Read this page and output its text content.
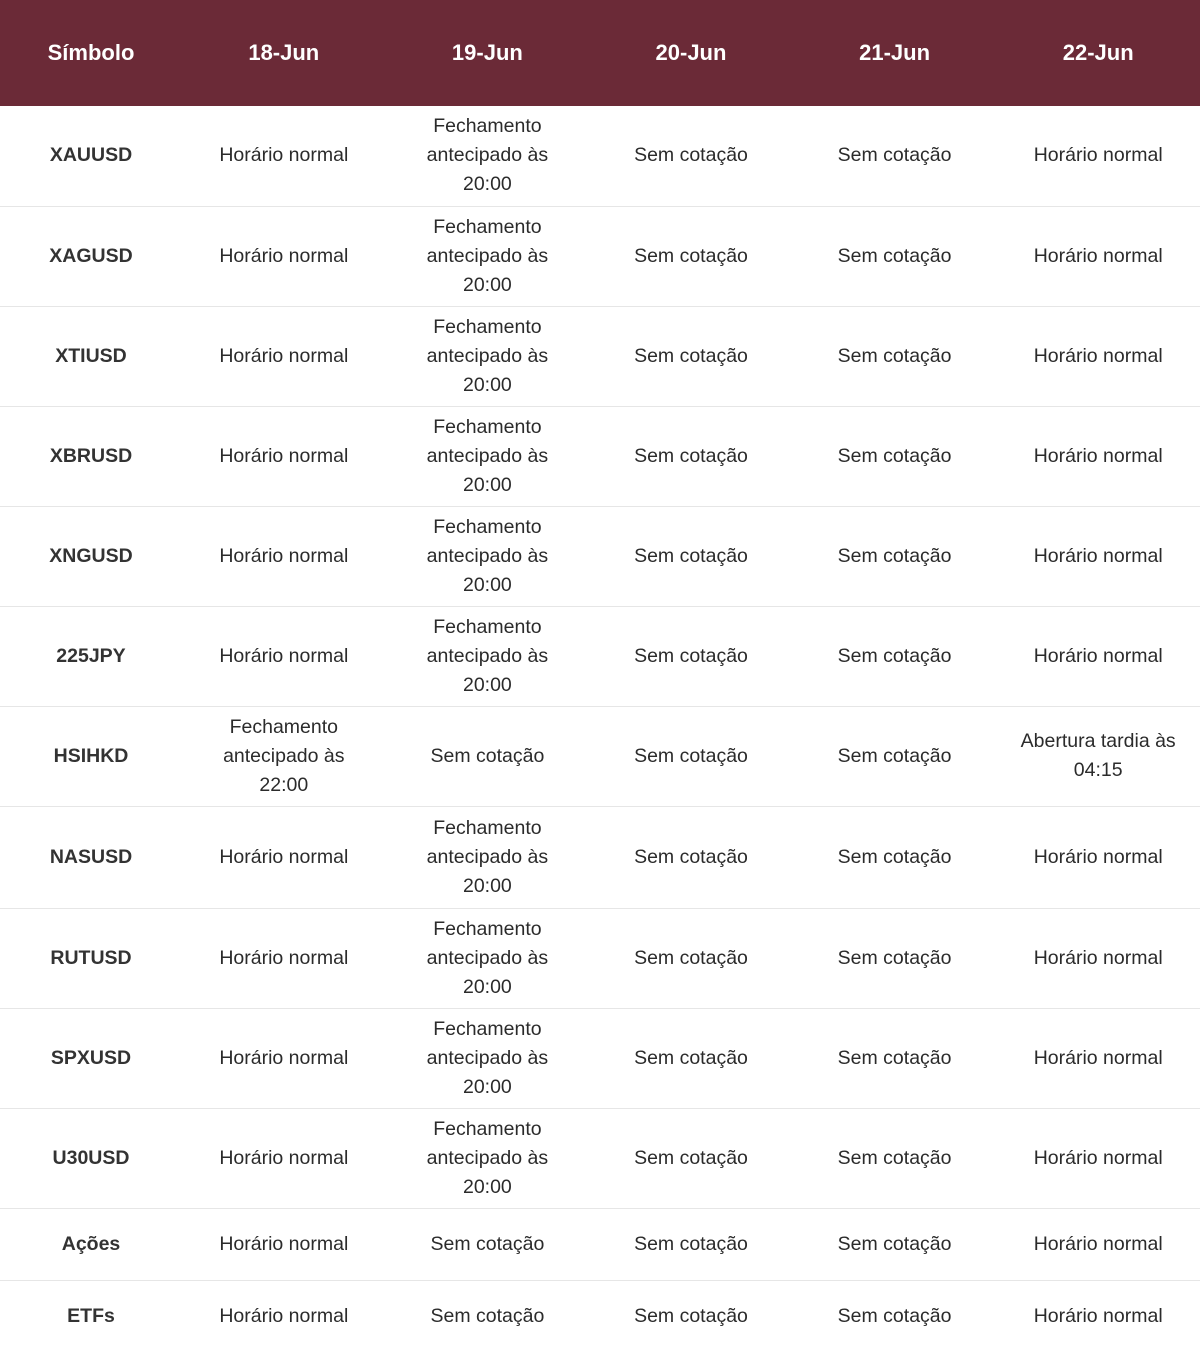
Símbolo	18-Jun	19-Jun	20-Jun	21-Jun	22-Jun
XAUUSD	Horário normal	Fechamento antecipado às 20:00	Sem cotação	Sem cotação	Horário normal
XAGUSD	Horário normal	Fechamento antecipado às 20:00	Sem cotação	Sem cotação	Horário normal
XTIUSD	Horário normal	Fechamento antecipado às 20:00	Sem cotação	Sem cotação	Horário normal
XBRUSD	Horário normal	Fechamento antecipado às 20:00	Sem cotação	Sem cotação	Horário normal
XNGUSD	Horário normal	Fechamento antecipado às 20:00	Sem cotação	Sem cotação	Horário normal
225JPY	Horário normal	Fechamento antecipado às 20:00	Sem cotação	Sem cotação	Horário normal
HSIHKD	Fechamento antecipado às 22:00	Sem cotação	Sem cotação	Sem cotação	Abertura tardia às 04:15
NASUSD	Horário normal	Fechamento antecipado às 20:00	Sem cotação	Sem cotação	Horário normal
RUTUSD	Horário normal	Fechamento antecipado às 20:00	Sem cotação	Sem cotação	Horário normal
SPXUSD	Horário normal	Fechamento antecipado às 20:00	Sem cotação	Sem cotação	Horário normal
U30USD	Horário normal	Fechamento antecipado às 20:00	Sem cotação	Sem cotação	Horário normal
Ações	Horário normal	Sem cotação	Sem cotação	Sem cotação	Horário normal
ETFs	Horário normal	Sem cotação	Sem cotação	Sem cotação	Horário normal
